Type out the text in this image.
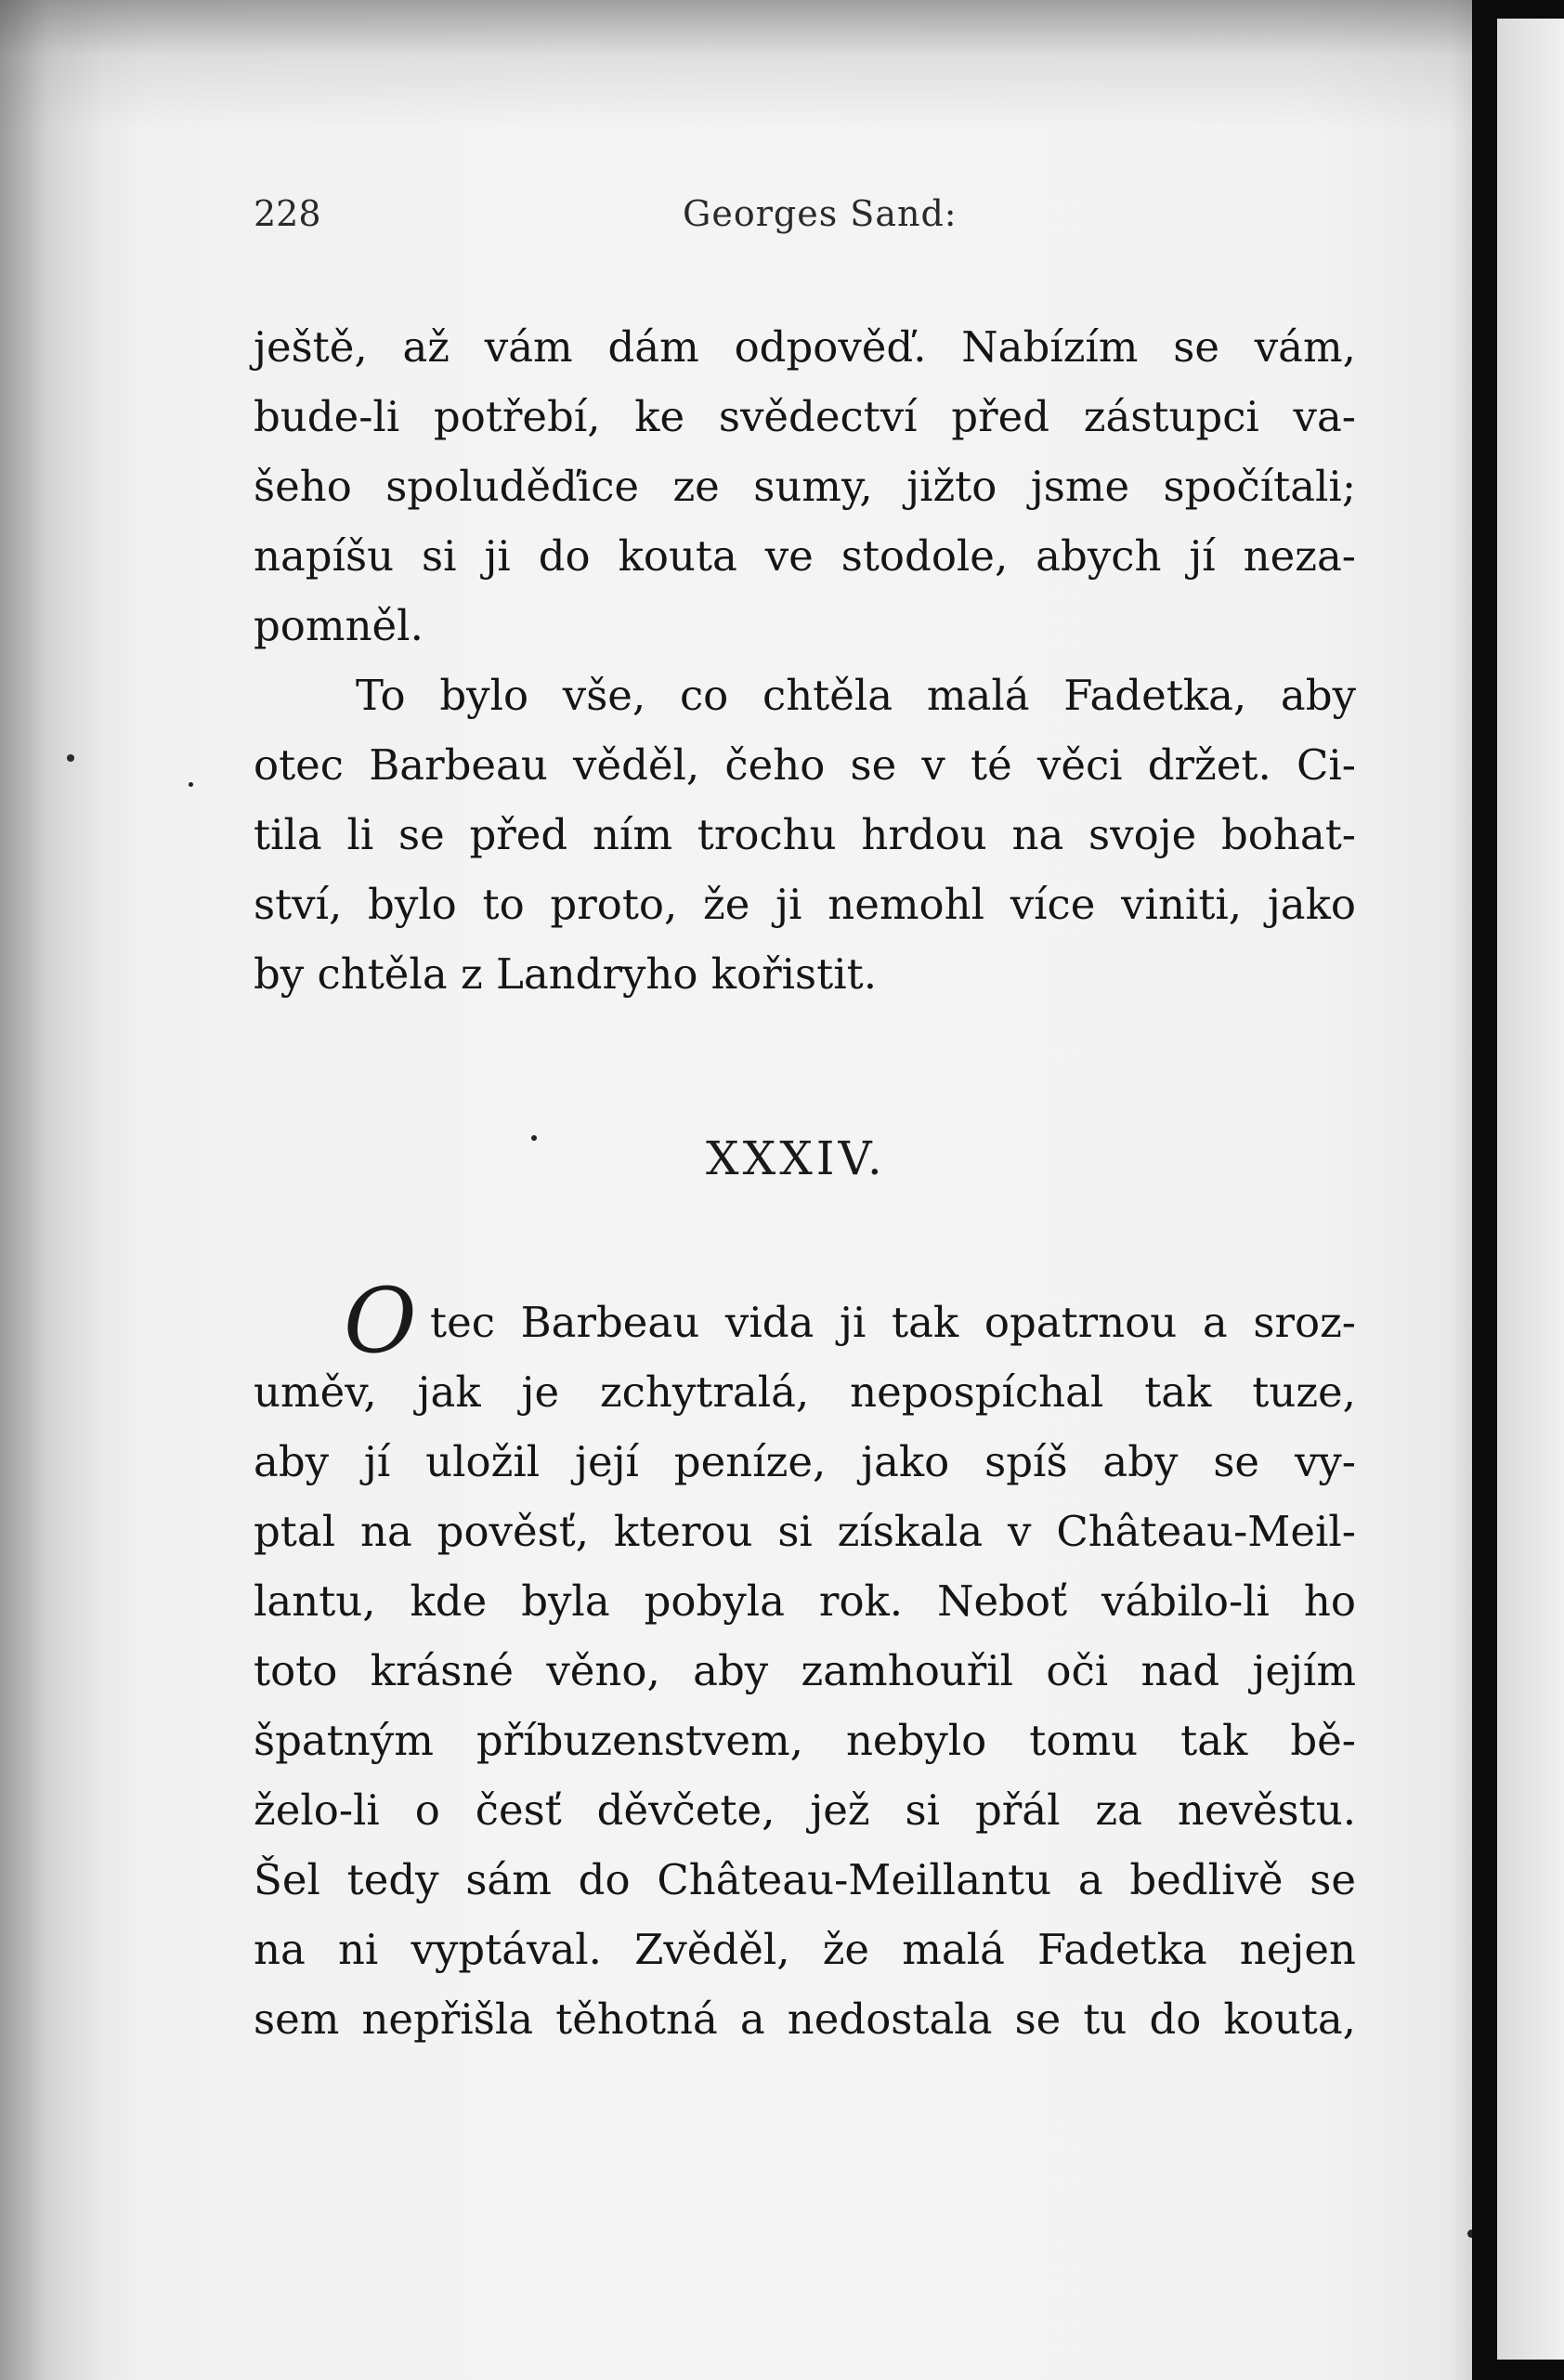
228	Georges Sand:
ještě, až vám dám odpověď. Nabízím se vám,
bude-li potřebí, ke svědectví před zástupci va-
šeho spoluděďice ze sumy, jižto jsme spočítali;
napíšu si ji do kouta ve stodole, abych jí neza-
pomněl.
To bylo vše, co chtěla malá Fadetka, aby
otec Barbeau věděl, čeho se v té věci držet. Ci-
tila li se před ním trochu hrdou na svoje bohat-
ství, bylo to proto, že ji nemohl více viniti, jako
by chtěla z Landryho kořistit.
XXXIV.
O tec Barbeau vida ji tak opatrnou a sroz-
uměv, jak je zchytralá, nepospíchal tak tuze,
aby jí uložil její peníze, jako spíš aby se vy-
ptal na pověsť, kterou si získala v Château-Meil-
lantu, kde byla pobyla rok. Neboť vábilo-li ho
toto krásné věno, aby zamhouřil oči nad jejím
špatným příbuzenstvem, nebylo tomu tak bě-
želo-li o česť děvčete, jež si přál za nevěstu.
Šel tedy sám do Château-Meillantu a bedlivě se
na ni vyptával. Zvěděl, že malá Fadetka nejen
sem nepřišla těhotná a nedostala se tu do kouta,
